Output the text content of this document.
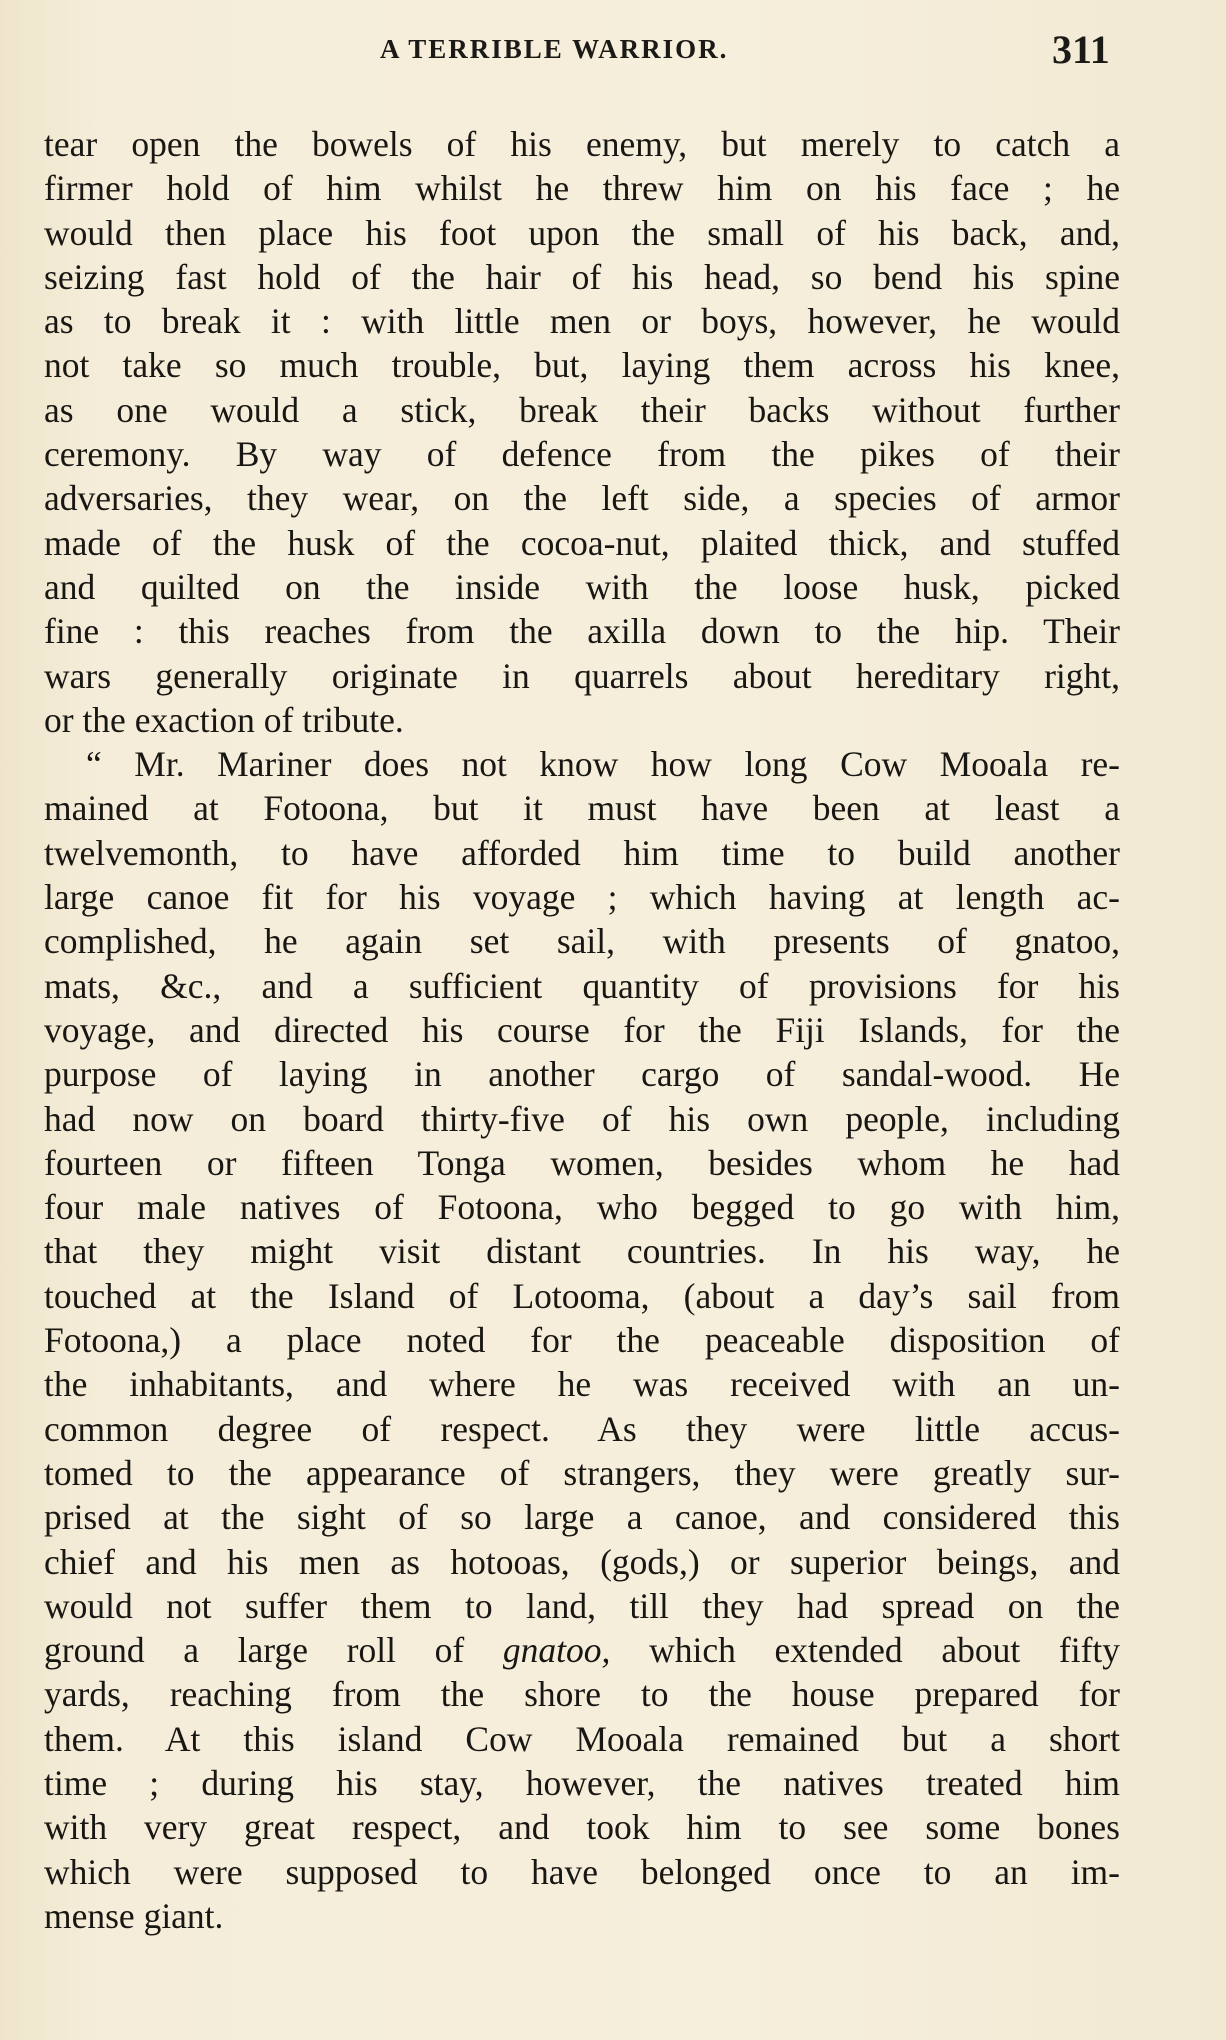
A TERRIBLE WARRIOR.	311
tear open the bowels of his enemy, but merely to catch a
firmer hold of him whilst he threw him on his face ; he
would then place his foot upon the small of his back, and,
seizing fast hold of the hair of his head, so bend his spine
as to break it : with little men or boys, however, he would
not take so much trouble, but, laying them across his knee,
as one would a stick, break their backs without further
ceremony. By way of defence from the pikes of their
adversaries, they wear, on the left side, a species of armor
made of the husk of the cocoa-nut, plaited thick, and stuffed
and quilted on the inside with the loose husk, picked
fine : this reaches from the axilla down to the hip. Their
wars generally originate in quarrels about hereditary right,
or the exaction of tribute.
“ Mr. Mariner does not know how long Cow Mooala re-
mained at Fotoona, but it must have been at least a
twelvemonth, to have afforded him time to build another
large canoe fit for his voyage ; which having at length ac-
complished, he again set sail, with presents of gnatoo,
mats, &c., and a sufficient quantity of provisions for his
voyage, and directed his course for the Fiji Islands, for the
purpose of laying in another cargo of sandal-wood. He
had now on board thirty-five of his own people, including
fourteen or fifteen Tonga women, besides whom he had
four male natives of Fotoona, who begged to go with him,
that they might visit distant countries. In his way, he
touched at the Island of Lotooma, (about a day’s sail from
Fotoona,) a place noted for the peaceable disposition of
the inhabitants, and where he was received with an un-
common degree of respect. As they were little accus-
tomed to the appearance of strangers, they were greatly sur-
prised at the sight of so large a canoe, and considered this
chief and his men as hotooas, (gods,) or superior beings, and
would not suffer them to land, till they had spread on the
ground a large roll of gnatoo, which extended about fifty
yards, reaching from the shore to the house prepared for
them. At this island Cow Mooala remained but a short
time ; during his stay, however, the natives treated him
with very great respect, and took him to see some bones
which were supposed to have belonged once to an im-
mense giant.
